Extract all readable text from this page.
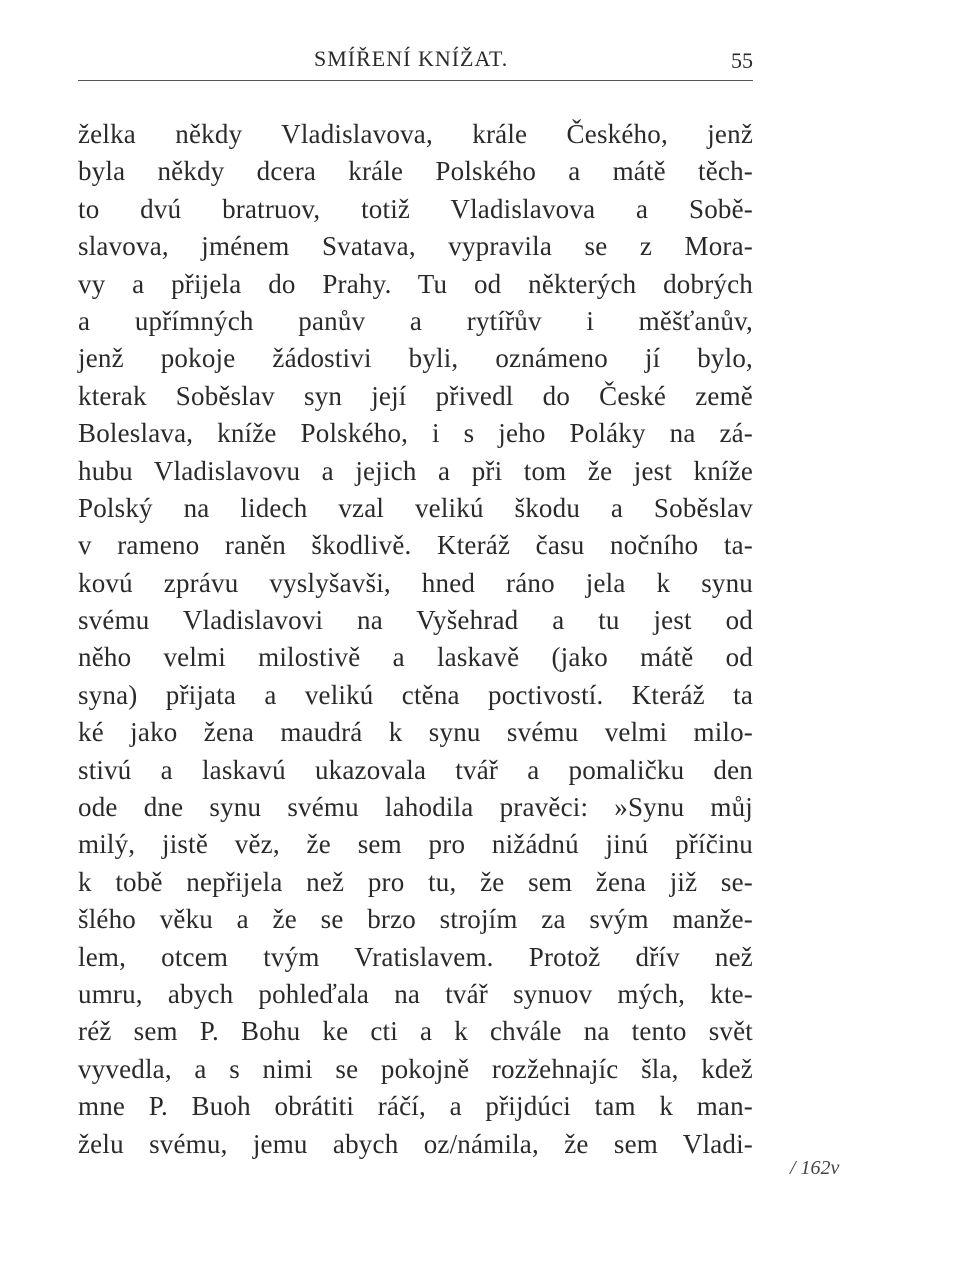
SMÍŘENÍ KNÍŽAT.	55
želka někdy Vladislavova, krále Českého, jenž
byla někdy dcera krále Polského a mátě těch-
to dvú bratruov, totiž Vladislavova a Sobě-
slavova, jménem Svatava, vypravila se z Mora-
vy a přijela do Prahy. Tu od některých dobrých
a upřímných panův a rytířův i měšťanův,
jenž pokoje žádostivi byli, oznámeno jí bylo,
kterak Soběslav syn její přivedl do České země
Boleslava, kníže Polského, i s jeho Poláky na zá-
hubu Vladislavovu a jejich a při tom že jest kníže
Polský na lidech vzal velikú škodu a Soběslav
v rameno raněn škodlivě. Kteráž času nočního ta-
kovú zprávu vyslyšavši, hned ráno jela k synu
svému Vladislavovi na Vyšehrad a tu jest od
něho velmi milostivě a laskavě (jako mátě od
syna) přijata a velikú ctěna poctivostí. Kteráž ta
ké jako žena maudrá k synu svému velmi milo-
stivú a laskavú ukazovala tvář a pomaličku den
ode dne synu svému lahodila pravěci: »Synu můj
milý, jistě věz, že sem pro nižádnú jinú příčinu
k tobě nepřijela než pro tu, že sem žena již se-
šlého věku a že se brzo strojím za svým manže-
lem, otcem tvým Vratislavem. Protož dřív než
umru, abych pohleďala na tvář synuov mých, kte-
réž sem P. Bohu ke cti a k chvále na tento svět
vyvedla, a s nimi se pokojně rozžehnajíc šla, kdež
mne P. Buoh obrátiti ráčí, a přijdúci tam k man-
želu svému, jemu abych oz/námila, že sem Vladi-
/ 162v
